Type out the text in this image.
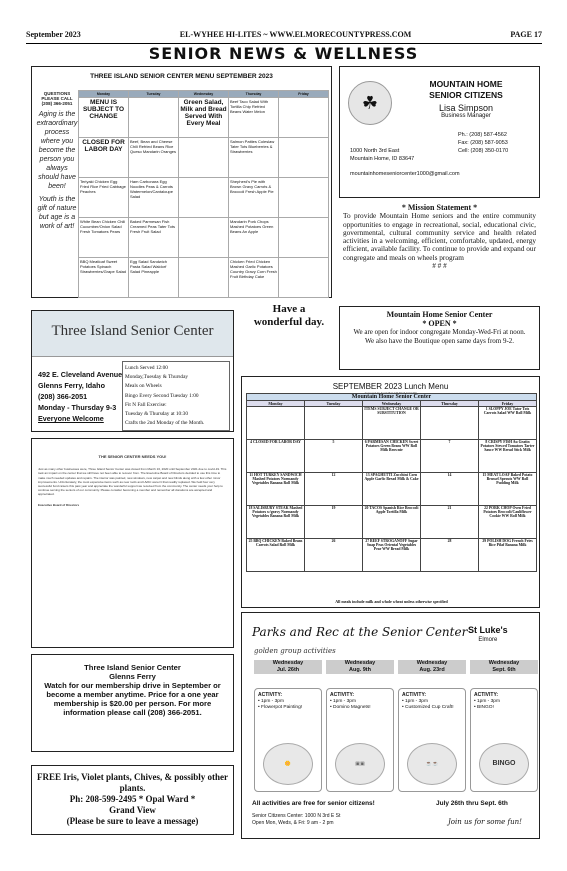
September 2023	EL-WYHEE HI-LITES ~ WWW.ELMORECOUNTYPRESS.COM	PAGE 17
SENIOR NEWS & WELLNESS
THREE ISLAND SENIOR CENTER MENU SEPTEMBER 2023
QUESTIONS PLEASE CALL (208) 366-2051
Aging is the extraordinary process where you become the person you always should have been!
Youth is the gift of nature but age is a work of art!
Monday	Tuesday	Wednesday	Thursday	Friday
MENU IS SUBJECT TO CHANGE		Green Salad, Milk and Bread Served With Every Meal	Beef Taco Salad With Tortilla Chip Refried Beans Water Melon	
CLOSED FOR LABOR DAY	Beef, Bean and Cheese Chili Refried Beans Rice Queso Mandarin Oranges		Salmon Patties Coleslaw Tater Tots Blueberries & Strawberries	
Teriyaki Chicken Egg Fried Rice Fried Cabbage Peaches	Ham Carbonara Egg Noodles Peas & Carrots Watermelon/Cantaloupe Salad		Shepherd's Pie with Brown Gravy Carrots & Broccoli Fresh Apple Pie	
White Bean Chicken Chili Cucumber/Onion Salad Fresh Tomatoes Pears	Baked Parmesan Fish Creamed Peas Tater Tots Fresh Fruit Salad		Mandarin Pork Chops Mashed Potatoes Green Beans An Apple	
BBQ Meatloaf Sweet Potatoes Spinach Strawberries/Grape Salad	Egg Salad Sandwich Pasta Salad Waldorf Salad Pineapple		Chicken Fried Chicken Mashed Garlic Potatoes Country Gravy Corn Fresh Fruit Birthday Cake	
☘
MOUNTAIN HOME
SENIOR CITIZENS
Lisa Simpson
Business Manager
1000 North 3rd East
Mountain Home, ID 83647
Ph.: (208) 587-4562
Fax: (208) 587-9053
Cell: (208) 350-0170
mountainhomeseniorcenter1000@gmail.com
* Mission Statement *

To provide Mountain Home seniors and the entire community opportunities to engage in recreational, social, educational civic, governmental, cultural community service and health related activities in a welcoming, efficient, comfortable, updated, energy efficient, available facility. To continue to provide and expand our congregate and meals on wheels program

# # #

Have a wonderful day.
Mountain Home Senior Center
* OPEN *
We are open for indoor congregate Monday-Wed-Fri at noon.
We also have the Boutique open same days from 9-2.
Three Island Senior Center
492 E. Cleveland Avenue
Glenns Ferry, Idaho
(208) 366-2051
Monday - Thursday 9-3
Everyone Welcome
Lunch Served 12:00
Monday,Tuesday & Thursday
Meals on Wheels
Bingo Every Second Tuesday 1:00
Fit N Fall Exercise:
Tuesday & Thursday at 10:30
Crafts the 2nd Monday of the Month.
THE SENIOR CENTER NEEDS YOU!

Just as many other businesses were, Three Island Senior Center was closed from March 16, 2020 until September 2021 due to covid-19. This took an impact on the center that we still have not been able to recover from. The Executive Board of Directors decided to use this time to make much needed updates and repairs. The interior was painted, new windows, new carpet and new blinds along with a few other minor improvements. Unfortunately, the most expensive items such as new roofs and HVAC weren't that readily replaced. We held four very successful fund raisers this past year and appreciate the wonderful support we received from the community. The center needs your help to continue serving the seniors of our community. Please consider becoming a member and remember all donations are accepted and appreciated.

Executive Board of Directors

Three Island Senior Center
Glenns Ferry
Watch for our membership drive in September or become a member anytime. Price for a one year membership is $20.00 per person. For more information please call (208) 366-2051.
FREE Iris, Violet plants, Chives, & possibly other plants.
Ph: 208-599-2495 * Opal Ward *
Grand View
(Please be sure to leave a message)
SEPTEMBER 2023 Lunch Menu
Mountain Home Senior Center				
Monday	Tuesday	Wednesday	Thursday	Friday
		ITEMS SUBJECT CHANGE OR SUBSTITUTION		1 SLOPPY JOE Tator Tots Carrots Salad WW Roll Milk
4 CLOSED FOR LABOR DAY	5	6 PARMESAN CHICKEN Sweet Potatoes Green Beans WW Roll Milk Brownie	7	8 CRISPY FISH Au Gratin Potatoes Stewed Tomatoes Tarter Sauce WW Bread Stick Milk
11 HOT TURKEY SANDWICH Mashed Potatoes Normandy Vegetables Banana Roll Milk	12	13 SPAGHETTI Zucchini Corn Apple Garlic Bread Milk & Cake	14	15 MEAT LOAF Baked Potato Brussel Sprouts WW Roll Pudding Milk
18 SALISBURY STEAK Mashed Potatoes w/gravy Normandy Vegetables Banana Roll Milk	19	20 TACOS Spanish Rice Broccoli Apple Tortilla Milk	21	22 PORK CHOP Oven Fried Potatoes Broccoli/Cauliflower Cookie WW Roll Milk
25 BBQ CHICKEN Baked Beans Carrots Salad Roll Milk	26	27 BEEF STROGANOFF Sugar Snap Peas Oriental Vegetables Pear WW Bread Milk	28	29 POLISH DOG French Fries Rice Pilaf Banana Milk
All meals include milk and whole wheat unless otherwise specified
Parks and Rec at the Senior Center
golden group activities
St Luke's
Elmore
Wednesday
Jul. 26th
Wednesday
Aug. 9th
Wednesday
Aug. 23rd
Wednesday
Sept. 6th
ACTIVITY:
• 1pm - 3pm
• Flowerpot Painting!
🌼
ACTIVITY:
• 1pm - 3pm
• Domino Magnets!
▣▣
ACTIVITY:
• 1pm - 3pm
• Customized Cup Craft!
☕☕
ACTIVITY:
• 1pm - 3pm
• BINGO!
BINGO
All activities are free for senior citizens!	July 26th thru Sept. 6th
Senior Citizens Center: 1000 N 3rd E St
Open Mon, Weds, & Fri: 9 am - 2 pm	Join us for some fun!
